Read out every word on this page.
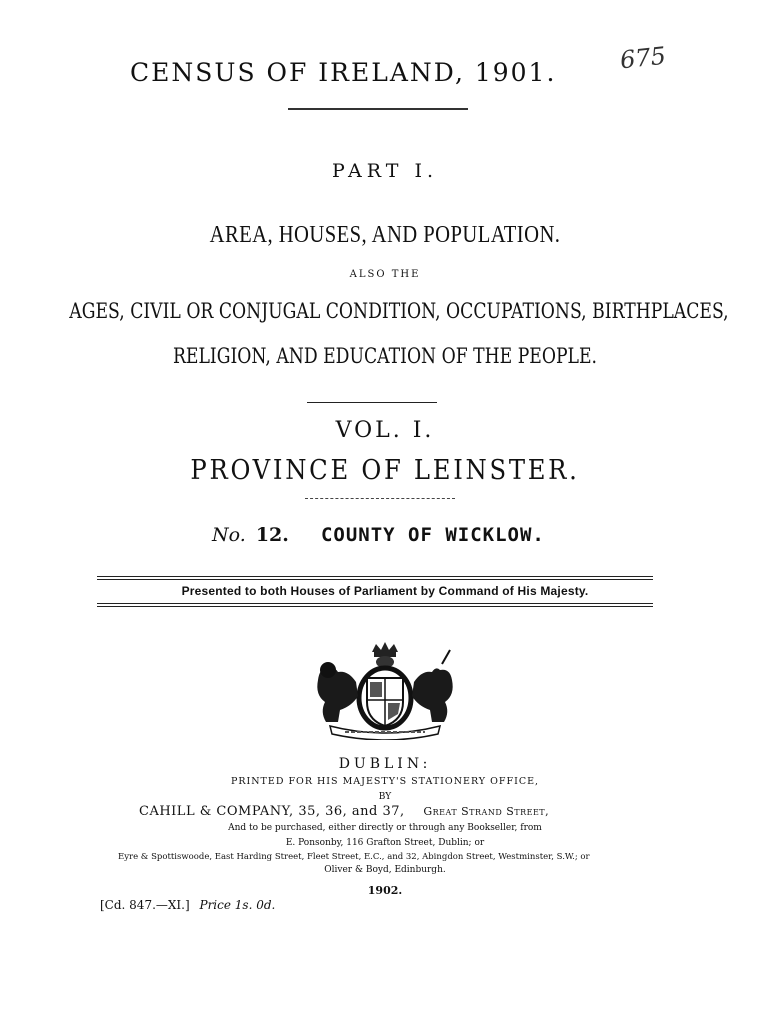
CENSUS OF IRELAND, 1901.	675
PART I.
AREA, HOUSES, AND POPULATION.
ALSO THE
AGES, CIVIL OR CONJUGAL CONDITION, OCCUPATIONS, BIRTHPLACES,
RELIGION, AND EDUCATION OF THE PEOPLE.
VOL. I.
PROVINCE OF LEINSTER.
No. 12. COUNTY OF WICKLOW.
Presented to both Houses of Parliament by Command of His Majesty.
DUBLIN:
PRINTED FOR HIS MAJESTY'S STATIONERY OFFICE,
BY
CAHILL & COMPANY, 35, 36, and 37, Great Strand Street,
And to be purchased, either directly or through any Bookseller, from
E. Ponsonby, 116 Grafton Street, Dublin; or
Eyre & Spottiswoode, East Harding Street, Fleet Street, E.C., and 32, Abingdon Street, Westminster, S.W.; or
Oliver & Boyd, Edinburgh.
1902.
[Cd. 847.—XI.] Price 1s. 0d.
